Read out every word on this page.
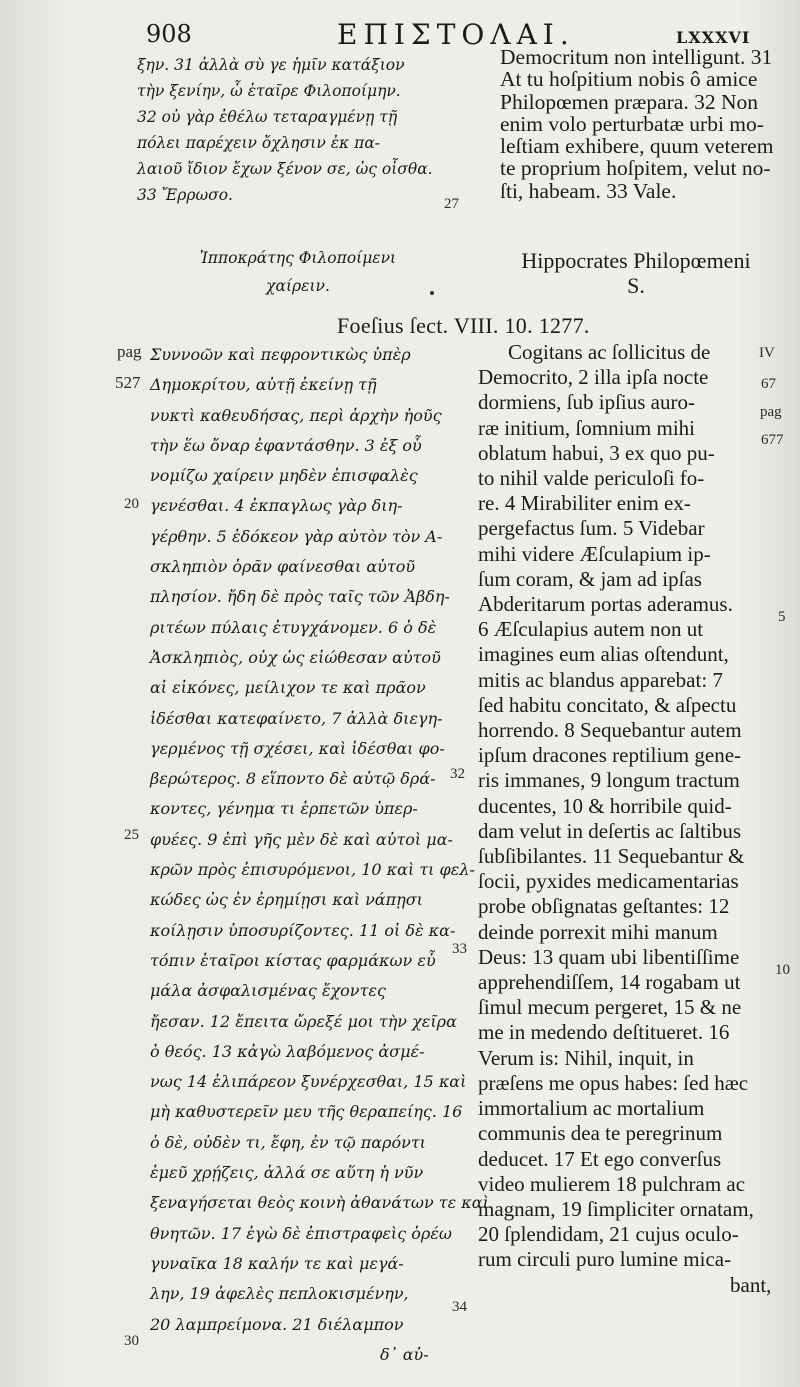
908	ΕΠΙΣΤΟΛΑΙ.	LXXXVI
ξην. 31 ἀλλὰ σὺ γε ἡμῖν κατάξιον
τὴν ξενίην, ὦ ἑταῖρε Φιλοποίμην.
32 οὐ γὰρ ἐθέλω τεταραγμένῃ τῇ
πόλει παρέχειν ὄχλησιν ἐκ πα-
λαιοῦ ἴδιον ἔχων ξένον σε, ὡς οἶσθα.
33 Ἔρρωσο.
Democritum non intelligunt. 31
At tu hoſpitium nobis ô amice
Philopœmen præpara. 32 Non
enim volo perturbatæ urbi mo-
leſtiam exhibere, quum veterem
te proprium hoſpitem, velut no-
ſti, habeam. 33 Vale.
27
Ἱπποκράτης Φιλοποίμενι
χαίρειν.
Hippocrates Philopœmeni
S.
Foeſius ſect. VIII. 10. 1277.
pag
527
20
25
30
32
33
34
IV
67
pag
677
5
10
Συννοῶν καὶ πεφροντικὼς ὑπὲρ
Δημοκρίτου, αὐτῇ ἐκείνῃ τῇ
νυκτὶ καθευδήσας, περὶ ἀρχὴν ἠοῦς
τὴν ἕω ὄναρ ἐφαντάσθην. 3 ἐξ οὗ
νομίζω χαίρειν μηδὲν ἐπισφαλὲς
γενέσθαι. 4 ἐκπαγλως γὰρ διη-
γέρθην. 5 ἐδόκεον γὰρ αὐτὸν τὸν Α-
σκληπιὸν ὁρᾶν φαίνεσθαι αὐτοῦ
πλησίον. ἤδη δὲ πρὸς ταῖς τῶν Ἀβδη-
ριτέων πύλαις ἐτυγχάνομεν. 6 ὁ δὲ
Ἀσκληπιὸς, οὐχ ὡς εἰώθεσαν αὐτοῦ
αἱ εἰκόνες, μείλιχον τε καὶ πρᾶον
ἰδέσθαι κατεφαίνετο, 7 ἀλλὰ διεγη-
γερμένος τῇ σχέσει, καὶ ἰδέσθαι φο-
βερώτερος. 8 εἵποντο δὲ αὐτῷ δρά-
κοντες, γένημα τι ἑρπετῶν ὑπερ-
φυέες. 9 ἐπὶ γῆς μὲν δὲ καὶ αὐτοὶ μα-
κρῶν πρὸς ἐπισυρόμενοι, 10 καὶ τι φελ-
κώδες ὡς ἐν ἐρημίῃσι καὶ νάπῃσι
κοίλῃσιν ὑποσυρίζοντες. 11 οἱ δὲ κα-
τόπιν ἑταῖροι κίστας φαρμάκων εὖ
μάλα ἀσφαλισμένας ἔχοντες
ἤεσαν. 12 ἔπειτα ὤρεξέ μοι τὴν χεῖρα
ὁ θεός. 13 κἀγὼ λαβόμενος ἀσμέ-
νως 14 ἐλιπάρεον ξυνέρχεσθαι, 15 καὶ
μὴ καθυστερεῖν μευ τῆς θεραπείης. 16
ὁ δὲ, οὐδὲν τι, ἔφη, ἐν τῷ παρόντι
ἐμεῦ χρῄζεις, ἀλλά σε αὕτη ἡ νῦν
ξεναγήσεται θεὸς κοινὴ ἀθανάτων τε καὶ
θνητῶν. 17 ἐγὼ δὲ ἐπιστραφεὶς ὁρέω
γυναῖκα 18 καλήν τε καὶ μεγά-
λην, 19 ἀφελὲς πεπλοκισμένην,
20 λαμπρείμονα. 21 διέλαμπον
δ᾽ αὐ-
Cogitans ac ſollicitus de
Democrito, 2 illa ipſa nocte
dormiens, ſub ipſius auro-
ræ initium, ſomnium mihi
oblatum habui, 3 ex quo pu-
to nihil valde periculoſi fo-
re. 4 Mirabiliter enim ex-
pergefactus ſum. 5 Videbar
mihi videre Æſculapium ip-
ſum coram, & jam ad ipſas
Abderitarum portas aderamus.
6 Æſculapius autem non ut
imagines eum alias oſtendunt,
mitis ac blandus apparebat: 7
ſed habitu concitato, & aſpectu
horrendo. 8 Sequebantur autem
ipſum dracones reptilium gene-
ris immanes, 9 longum tractum
ducentes, 10 & horribile quid-
dam velut in deſertis ac ſaltibus
ſubſibilantes. 11 Sequebantur &
ſocii, pyxides medicamentarias
probe obſignatas geſtantes: 12
deinde porrexit mihi manum
Deus: 13 quam ubi libentiſſime
apprehendiſſem, 14 rogabam ut
ſimul mecum pergeret, 15 & ne
me in medendo deſtitueret. 16
Verum is: Nihil, inquit, in
præſens me opus habes: ſed hæc
immortalium ac mortalium
communis dea te peregrinum
deducet. 17 Et ego converſus
video mulierem 18 pulchram ac
magnam, 19 ſimpliciter ornatam,
20 ſplendidam, 21 cujus oculo-
rum circuli puro lumine mica-
bant,
